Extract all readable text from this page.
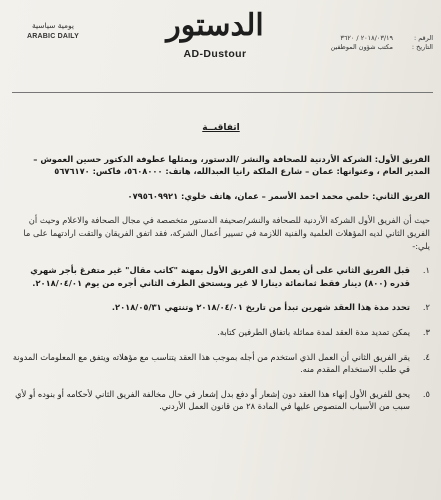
يومية سياسية
ARABIC DAILY	الدستور
AD-Dustour
الرقم :
٢٠١٨/٠٣/١٩ / ٣٦٢٠
التاريخ :
مكتب شؤون الموظفين
اتفاقيــة
الفريق الأول: الشركة الأردنية للصحافة والنشر /الدستور، ويمثلها عطوفة الدكتور حسين العموش – المدير العام ، وعنوانها: عمان – شارع الملكة رانيا العبدالله، هاتف: ٥٦٠٨٠٠٠، فاكس: ٥٦٧٦١٧٠
الفريق الثاني: حلمي محمد احمد الأسمر – عمان، هاتف خلوي: ٠٧٩٥٦٠٩٩٢١
حيث أن الفريق الأول الشركة الأردنية للصحافة والنشر/صحيفة الدستور متخصصة في مجال الصحافة والاعلام وحيث أن الفريق الثاني لديه المؤهلات العلمية والفنية اللازمة في تسيير أعمال الشركة، فقد اتفق الفريقان والتقت ارادتهما على ما يلي:-
١.
قبل الفريق الثاني على أن يعمل لدى الفريق الأول بمهنة "كاتب مقال" غير متفرغ بأجر شهري قدره (٨٠٠) دينار فقط ثمانمائة دينارا لا غير ويستحق الطرف الثاني أجره من يوم ٢٠١٨/٠٤/٠١.
٢.
تحدد مدة هذا العقد شهرين تبدأ من تاريخ ٢٠١٨/٠٤/٠١ وتنتهي ٢٠١٨/٠٥/٣١.
٣.
يمكن تمديد مدة العقد لمدة مماثلة باتفاق الطرفين كتابة.
٤.
يقر الفريق الثاني أن العمل الذي استخدم من أجله بموجب هذا العقد يتناسب مع مؤهلاته ويتفق مع المعلومات المدونة في طلب الاستخدام المقدم منه.
٥.
يحق للفريق الأول إنهاء هذا العقد دون إشعار أو دفع بدل إشعار في حال مخالفة الفريق الثاني لأحكامه أو بنوده أو لأي سبب من الأسباب المنصوص عليها في المادة ٢٨ من قانون العمل الأردني.
